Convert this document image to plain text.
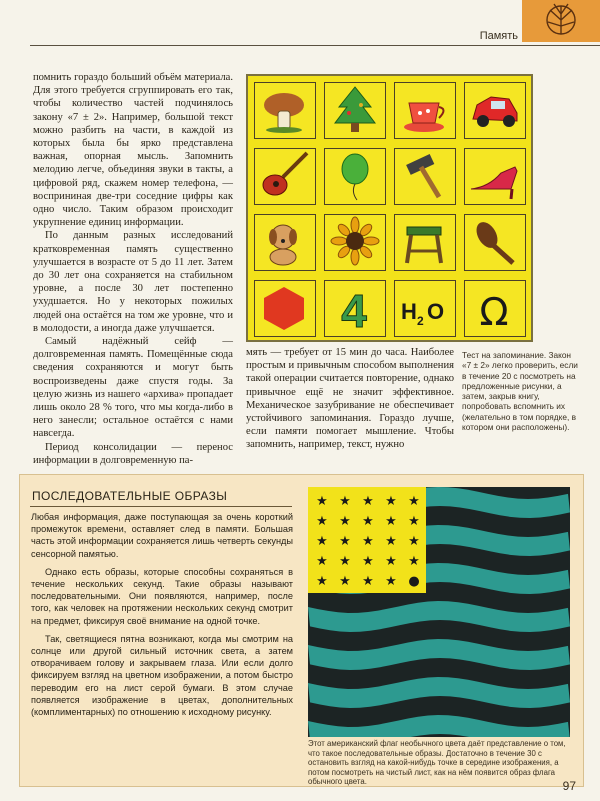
Память

помнить гораздо больший объём материала. Для этого требуется сгруппировать его так, чтобы количество частей подчинялось закону «7 ± 2». Например, большой текст можно разбить на части, в каждой из которых была бы ярко представлена важная, опорная мысль. Запомнить мелодию легче, объединяя звуки в такты, а цифровой ряд, скажем номер телефона, — восприниная две-три соседние цифры как одно число. Таким образом происходит укрупнение единиц информации.

По данным разных исследований кратковременная память существенно улучшается в возрасте от 5 до 11 лет. Затем до 30 лет она сохраняется на стабильном уровне, а после 30 лет постепенно ухудшается. Но у некоторых пожилых людей она остаётся на том же уровне, что и в молодости, а иногда даже улучшается.

Самый надёжный сейф — долговременная память. Помещённые сюда сведения сохраняются и могут быть воспроизведены даже спустя годы. За целую жизнь из нашего «архива» пропадает лишь около 28 % того, что мы когда-либо в него занесли; остальное остаётся с нами навсегда.

Период консолидации — перенос информации в долговременную па-

4 H 2 O Ω

мять — требует от 15 мин до часа. Наиболее простым и привычным способом выполнения такой операции считается повторение, однако привычное ещё не значит эффективное. Механическое зазубривание не обеспечивает устойчивого запоминания. Гораздо лучше, если памяти помогает мышление. Чтобы запомнить, например, текст, нужно

Тест на запоминание. Закон «7 ± 2» легко проверить, если в течение 20 с посмотреть на предложенные рисунки, а затем, закрыв книгу, попробовать вспомнить их (желательно в том порядке, в котором они расположены).
ПОСЛЕДОВАТЕЛЬНЫЕ ОБРАЗЫ

Любая информация, даже поступающая за очень короткий промежуток времени, оставляет след в памяти. Большая часть этой информации сохраняется лишь четверть секунды сенсорной памятью.

Однако есть образы, которые способны сохраняться в течение нескольких секунд. Такие образы называют последовательными. Они появляются, например, после того, как человек на протяжении нескольких секунд смотрит на предмет, фиксируя своё внимание на одной точке.

Так, светящиеся пятна возникают, когда мы смотрим на солнце или другой сильный источник света, а затем отворачиваем голову и закрываем глаза. Или если долго фиксируем взгляд на цветном изображении, а потом быстро переводим его на лист серой бумаги. В этом случае появляется изображение в цветах, дополнительных (комплиментарных) по отношению к исходному рисунку.

★ ★ ★ ★ ★
★ ★ ★ ★ ★
★ ★ ★ ★ ★
★ ★ ★ ★ ★
★ ★ ★ ★ ●
Этот американский флаг необычного цвета даёт представление о том, что такое последовательные образы. Достаточно в течение 30 с остановить взгляд на какой-нибудь точке в середине изображения, а потом посмотреть на чистый лист, как на нём появится образ флага обычного цвета.	97
